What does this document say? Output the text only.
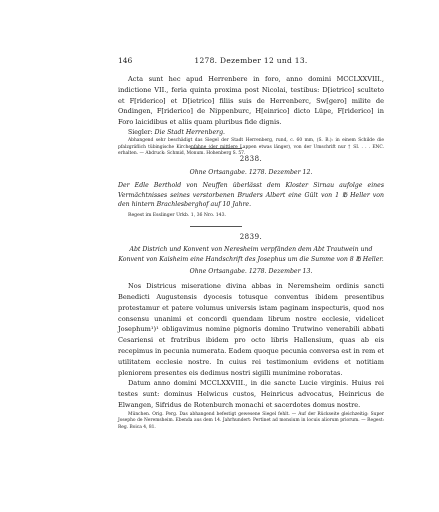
146	1278. Dezember 12 und 13.

Acta sunt hec apud Herrenbere in foro, anno domini MCCLXXVIII., indictione VII., feria quinta proxima post Nicolai, testibus: D[ietrico] sculteto et F[riderico] et D[ietrico] filiis suis de Herrenberc, Sw[gero] milite de Ondingen, F[riderico] de Nippenburc, H[einrico] dicto Lüpe, F[riderico] in Foro laicidibus et aliis quam pluribus fide dignis.

Siegler: Die Stadt Herrenberg.

Abhangend sehr beschädigt das Siegel der Stadt Herrenberg, rund, c. 60 mm, (S. B.): in einem Schilde die pfalzgräflich tübingische Kirchenfahne (der mittlere Lappen etwas länger), von der Umschrift nur † SI. . . . ENC. erhalten. — Abdruck: Schmid, Monum. Hohenberg S. 57.

2838.

Ohne Ortsangabe. 1278. Dezember 12.

Der Edle Berthold von Neuffen überlässt dem Kloster Sirnau aufolge eines Vermächtnisses seines verstorbenen Bruders Albert eine Gült von 1 ℔ Heller von den hintern Brachlesberghof auf 10 Jahre.

Regest im Esslinger Urkb. 1, 36 Nro. 143.

2839.

Abt Districh und Konvent von Neresheim verpfänden dem Abt Trautwein und Konvent von Kaisheim eine Handschrift des Josephus um die Summe von 8 ℔ Heller.

Ohne Ortsangabe. 1278. Dezember 13.

Nos Districus miseratione divina abbas in Neremsheim ordinis sancti Benedicti Augustensis dyocesis totusque conventus ibidem presentibus protestamur et patere volumus universis istam paginam inspecturis, quod nos consensu unanimi et concordi quendam librum nostre ecclesie, videlicet Josephum¹)¹ obligavimus nomine pignoris domino Trutwino venerabili abbati Cesariensi et fratribus ibidem pro octo libris Hallensium, quas ab eis recepimus in pecunia numerata. Eadem quoque pecunia conversa est in rem et utilitatem ecclesie nostre. In cuius rei testimonium evidens et notitiam pleniorem presentes eis dedimus nostri sigilli munimine roboratas.

Datum anno domini MCCLXXVIII., in die sancte Lucie virginis. Huius rei testes sunt: dominus Helwicus custos, Heinricus advocatus, Heinricus de Elwangen, Sifridus de Rotenburch monachi et sacerdotes domus nostre.

München. Orig. Perg. Das abhangend befestigt gewesene Siegel fehlt. — Auf der Rückseite gleichzeitig: Super Josepho de Neremsheim. Ebenda aus dem 14. Jahrhundert: Pertinet ad monsium in locuis aliorum priorum. — Regest: Reg. Boica 4, 81.
